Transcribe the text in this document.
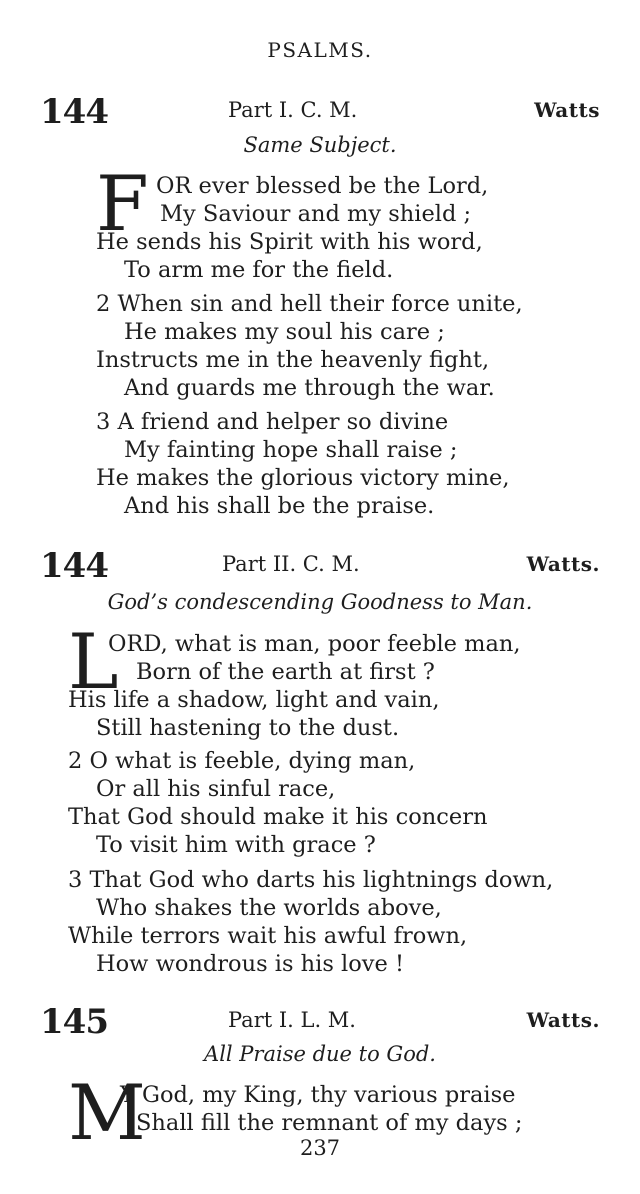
PSALMS.
144	Part I. C. M.	Watts
Same Subject.
F OR ever blessed be the Lord,
My Saviour and my shield ;
He sends his Spirit with his word,
To arm me for the field.
2 When sin and hell their force unite,
He makes my soul his care ;
Instructs me in the heavenly fight,
And guards me through the war.
3 A friend and helper so divine
My fainting hope shall raise ;
He makes the glorious victory mine,
And his shall be the praise.
144	Part II. C. M.	Watts.
God’s condescending Goodness to Man.
L
ORD, what is man, poor feeble man,
Born of the earth at first ?
His life a shadow, light and vain,
Still hastening to the dust.
2 O what is feeble, dying man,
Or all his sinful race,
That God should make it his concern
To visit him with grace ?
3 That God who darts his lightnings down,
Who shakes the worlds above,
While terrors wait his awful frown,
How wondrous is his love !
145	Part I. L. M.	Watts.
All Praise due to God.
M
Y God, my King, thy various praise
Shall fill the remnant of my days ;
237
